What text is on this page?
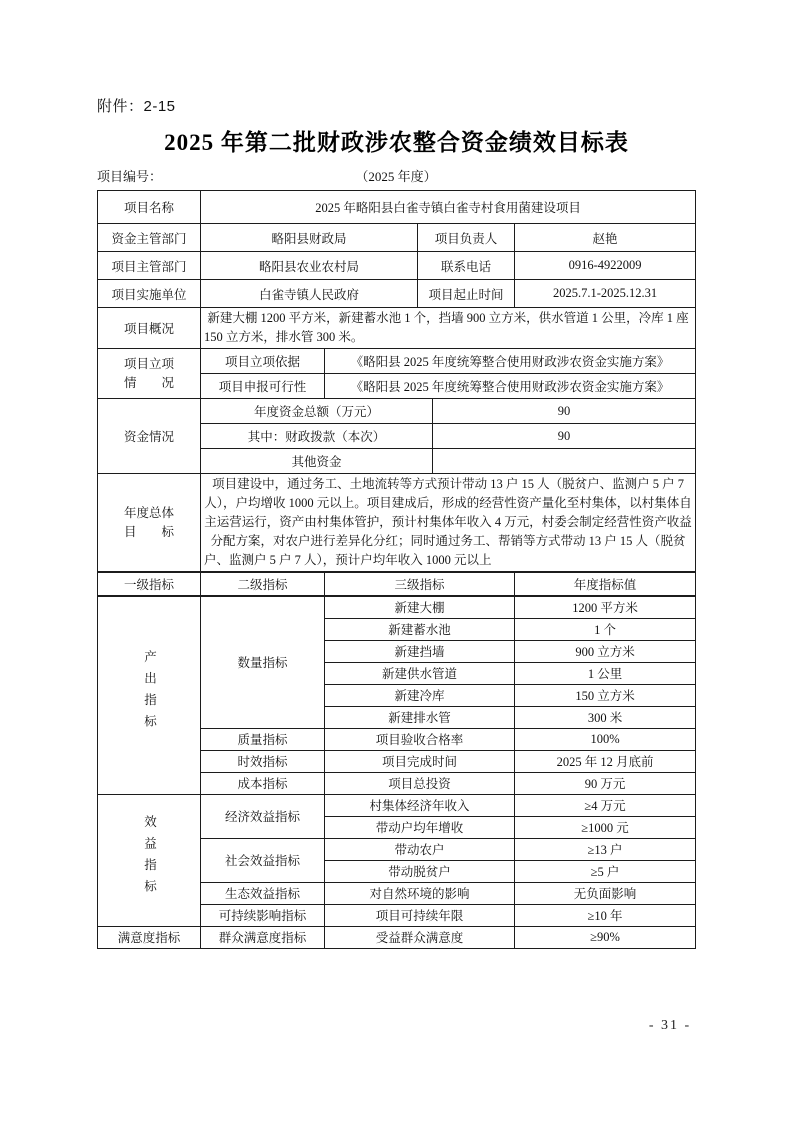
附件：2-15
2025 年第二批财政涉农整合资金绩效目标表
项目编号：	（2025 年度）
项目名称	2025 年略阳县白雀寺镇白雀寺村食用菌建设项目				
资金主管部门	略阳县财政局		项目负责人		赵艳
项目主管部门	略阳县农业农村局		联系电话		0916-4922009
项目实施单位	白雀寺镇人民政府		项目起止时间		2025.7.1-2025.12.31
项目概况	新建大棚 1200 平方米，新建蓄水池 1 个，挡墙 900 立方米，供水管道 1 公里，冷库 1 座 150 立方米，排水管 300 米。				

项目立项
情　　况	项目立项依据	《略阳县 2025 年度统筹整合使用财政涉农资金实施方案》			
	项目申报可行性	《略阳县 2025 年度统筹整合使用财政涉农资金实施方案》			
资金情况	年度资金总额（万元）			90	
	其中：财政拨款（本次）			90	
	其他资金				

年度总体
目　　标	项目建设中，通过务工、土地流转等方式预计带动 13 户 15 人（脱贫户、监测户 5 户 7 人），户均增收 1000 元以上。项目建成后，形成的经营性资产量化至村集体，以村集体自主运营运行，资产由村集体管护，预计村集体年收入 4 万元，村委会制定经营性资产收益分配方案，对农户进行差异化分红；同时通过务工、帮销等方式带动 13 户 15 人（脱贫户、监测户 5 户 7 人），预计户均年收入 1000 元以上				
一级指标	二级指标	三级指标			年度指标值
产出指标	数量指标	新建大棚			1200 平方米
		新建蓄水池			1 个
		新建挡墙			900 立方米
		新建供水管道			1 公里
		新建冷库			150 立方米
		新建排水管			300 米
	质量指标	项目验收合格率			100%
	时效指标	项目完成时间			2025 年 12 月底前
	成本指标	项目总投资			90 万元
效益指标	经济效益指标	村集体经济年收入			≥4 万元
		带动户均年增收			≥1000 元
	社会效益指标	带动农户			≥13 户
		带动脱贫户			≥5 户
	生态效益指标	对自然环境的影响			无负面影响
	可持续影响指标	项目可持续年限			≥10 年
满意度指标	群众满意度指标	受益群众满意度			≥90%
- 31 -
